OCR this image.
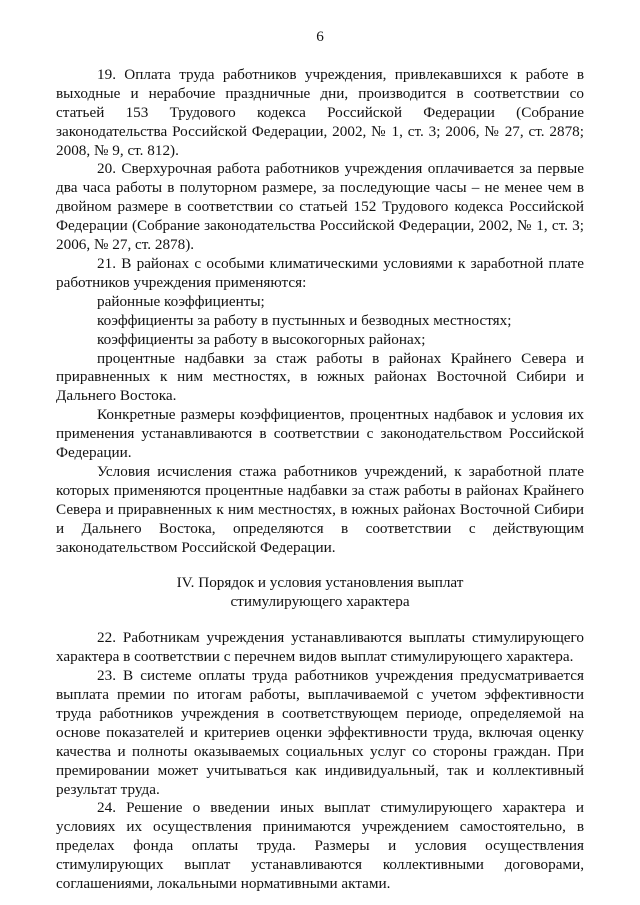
6

19. Оплата труда работников учреждения, привлекавшихся к работе в выходные и нерабочие праздничные дни, производится в соответствии со статьей 153 Трудового кодекса Российской Федерации (Собрание законодательства Российской Федерации, 2002, № 1, ст. 3; 2006, № 27, ст. 2878; 2008, № 9, ст. 812).

20. Сверхурочная работа работников учреждения оплачивается за первые два часа работы в полуторном размере, за последующие часы – не менее чем в двойном размере в соответствии со статьей 152 Трудового кодекса Российской Федерации (Собрание законодательства Российской Федерации, 2002, № 1, ст. 3; 2006, № 27, ст. 2878).

21. В районах с особыми климатическими условиями к заработной плате работников учреждения применяются:

районные коэффициенты;

коэффициенты за работу в пустынных и безводных местностях;

коэффициенты за работу в высокогорных районах;

процентные надбавки за стаж работы в районах Крайнего Севера и приравненных к ним местностях, в южных районах Восточной Сибири и Дальнего Востока.

Конкретные размеры коэффициентов, процентных надбавок и условия их применения устанавливаются в соответствии с законодательством Российской Федерации.

Условия исчисления стажа работников учреждений, к заработной плате которых применяются процентные надбавки за стаж работы в районах Крайнего Севера и приравненных к ним местностях, в южных районах Восточной Сибири и Дальнего Востока, определяются в соответствии с действующим законодательством Российской Федерации.

IV. Порядок и условия установления выплат
стимулирующего характера

22. Работникам учреждения устанавливаются выплаты стимулирующего характера в соответствии с перечнем видов выплат стимулирующего характера.

23. В системе оплаты труда работников учреждения предусматривается выплата премии по итогам работы, выплачиваемой с учетом эффективности труда работников учреждения в соответствующем периоде, определяемой на основе показателей и критериев оценки эффективности труда, включая оценку качества и полноты оказываемых социальных услуг со стороны граждан. При премировании может учитываться как индивидуальный, так и коллективный результат труда.

24. Решение о введении иных выплат стимулирующего характера и условиях их осуществления принимаются учреждением самостоятельно, в пределах фонда оплаты труда. Размеры и условия осуществления стимулирующих выплат устанавливаются коллективными договорами, соглашениями, локальными нормативными актами.
